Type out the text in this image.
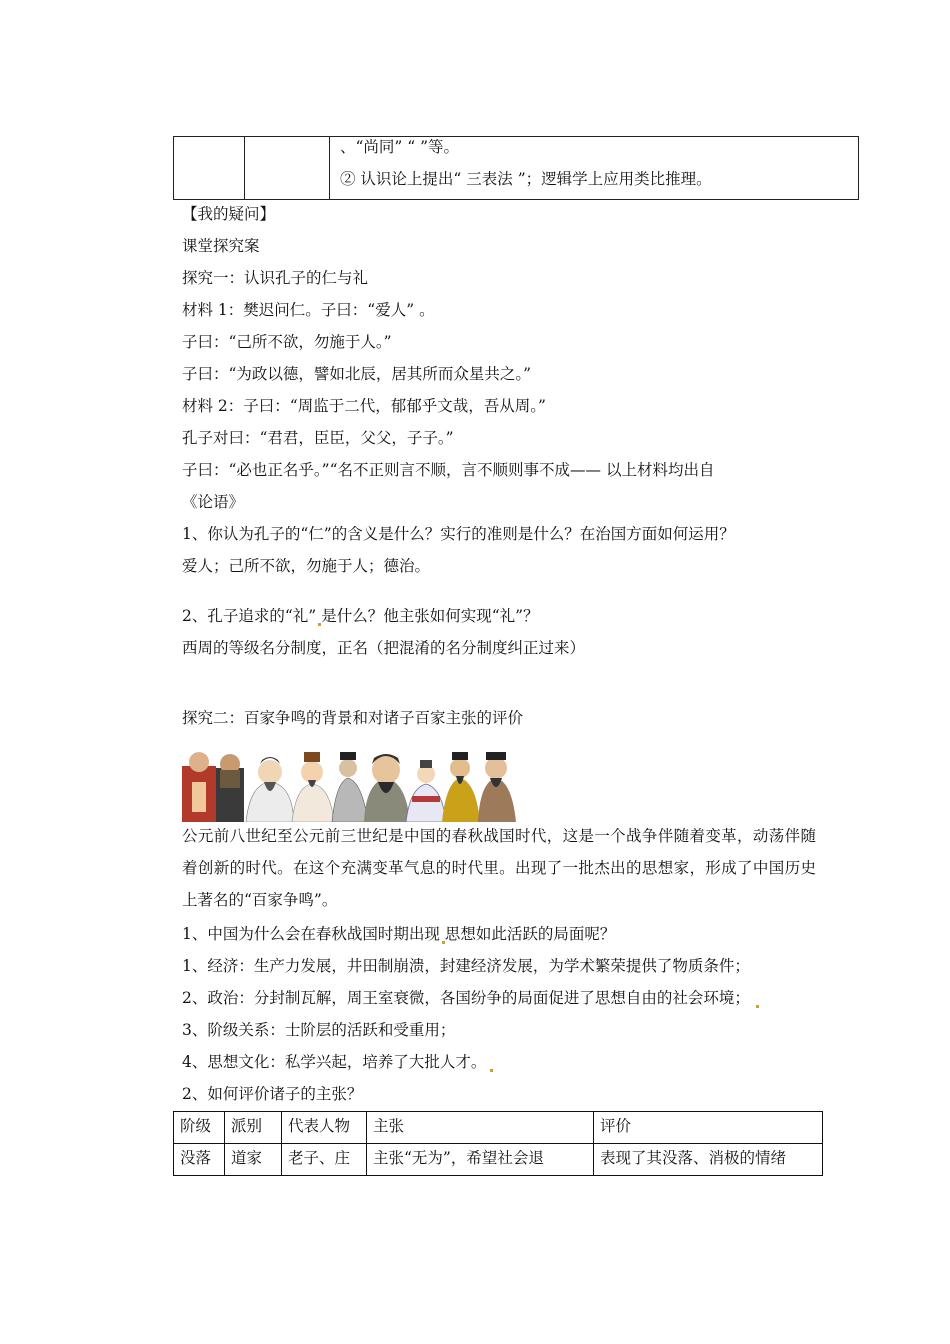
、“尚同” “ ”等。
② 认识论上提出“ 三表法 ”；逻辑学上应用类比推理。
【我的疑问】
课堂探究案
探究一：认识孔子的仁与礼
材料 1：樊迟问仁。子曰：“爱人” 。
子曰：“己所不欲，勿施于人。”
子曰：“为政以德，譬如北辰，居其所而众星共之。”
材料 2：子曰：“周监于二代，郁郁乎文哉，吾从周。”
孔子对曰：“君君，臣臣，父父，子子。”
子曰：“必也正名乎。”“名不正则言不顺，言不顺则事不成—— 以上材料均出自
《论语》
1、你认为孔子的“仁”的含义是什么？实行的准则是什么？在治国方面如何运用？
爱人；己所不欲，勿施于人；德治。
2、孔子追求的“礼” 是什么？他主张如何实现“礼”？
西周的等级名分制度，正名（把混淆的名分制度纠正过来）
探究二：百家争鸣的背景和对诸子百家主张的评价
公元前八世纪至公元前三世纪是中国的春秋战国时代，这是一个战争伴随着变革，动荡伴随着创新的时代。在这个充满变革气息的时代里。出现了一批杰出的思想家，形成了中国历史上著名的“百家争鸣”。
1、中国为什么会在春秋战国时期出现 思想如此活跃的局面呢？
1、经济：生产力发展，井田制崩溃，封建经济发展，为学术繁荣提供了物质条件；
2、政治：分封制瓦解，周王室衰微，各国纷争的局面促进了思想自由的社会环境；
3、阶级关系：士阶层的活跃和受重用；
4、思想文化：私学兴起，培养了大批人才。
2、如何评价诸子的主张？
阶级	派别	代表人物	主张	评价
没落	道家	老子、庄	主张“无为”，希望社会退	表现了其没落、消极的情绪
